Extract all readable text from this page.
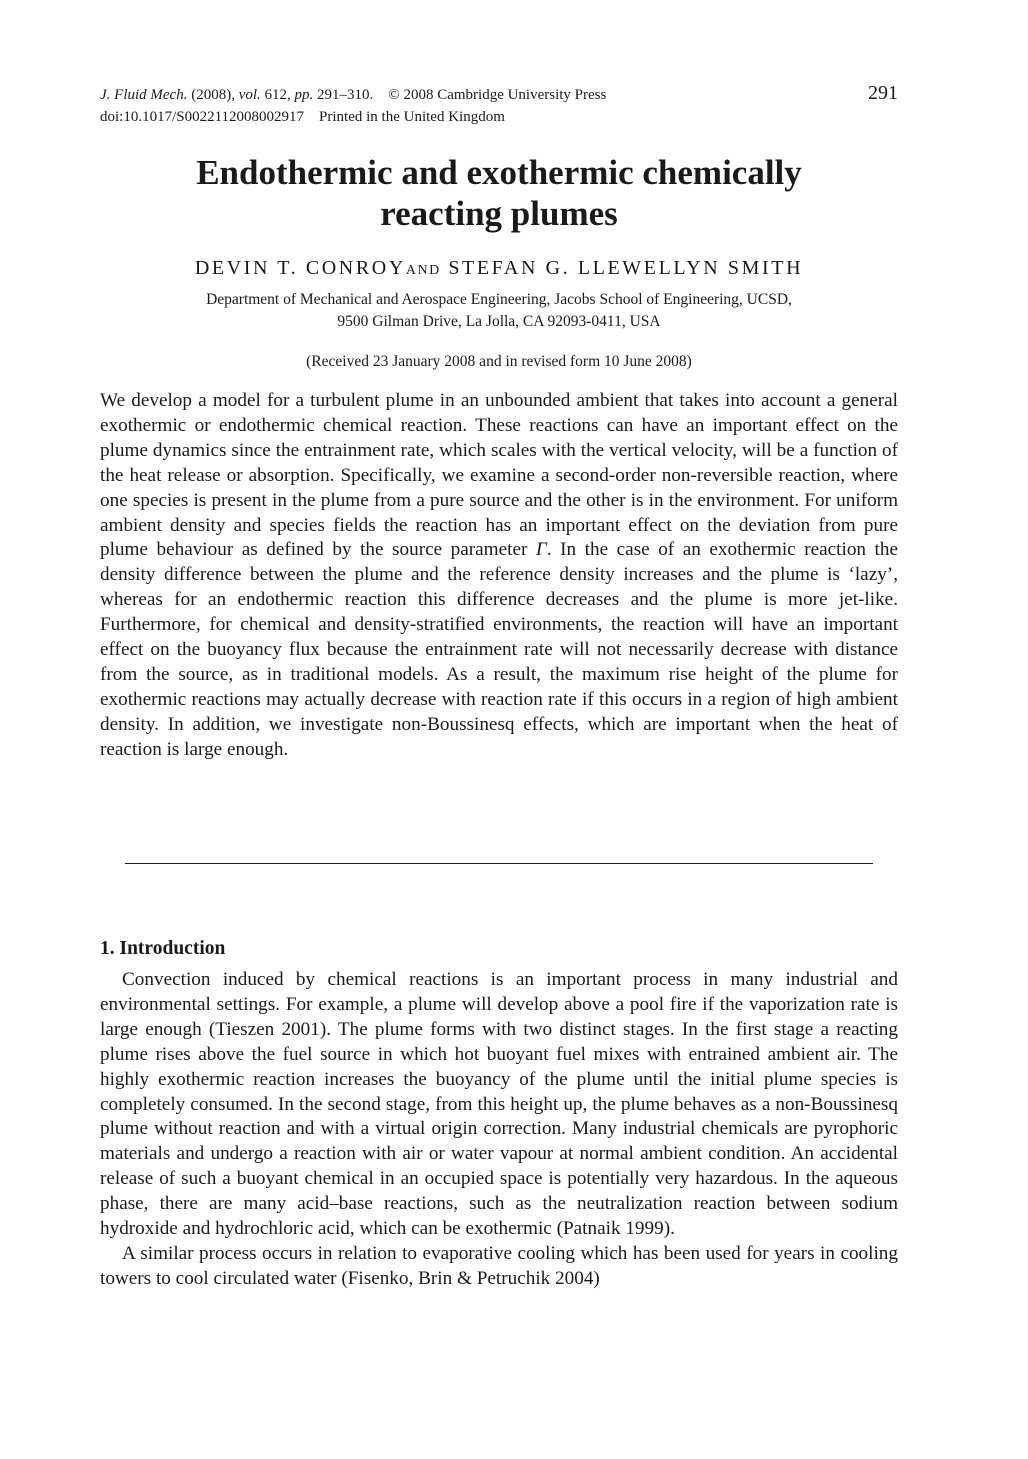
J. Fluid Mech. (2008), vol. 612, pp. 291–310. © 2008 Cambridge University Press
doi:10.1017/S0022112008002917 Printed in the United Kingdom
291
Endothermic and exothermic chemically
reacting plumes
DEVIN T. CONROYAND STEFAN G. LLEWELLYN SMITH
Department of Mechanical and Aerospace Engineering, Jacobs School of Engineering, UCSD,
9500 Gilman Drive, La Jolla, CA 92093-0411, USA
(Received 23 January 2008 and in revised form 10 June 2008)
We develop a model for a turbulent plume in an unbounded ambient that takes into account a general exothermic or endothermic chemical reaction. These reactions can have an important effect on the plume dynamics since the entrainment rate, which scales with the vertical velocity, will be a function of the heat release or absorption. Specifically, we examine a second-order non-reversible reaction, where one species is present in the plume from a pure source and the other is in the environment. For uniform ambient density and species fields the reaction has an important effect on the deviation from pure plume behaviour as defined by the source parameter Γ. In the case of an exothermic reaction the density difference between the plume and the reference density increases and the plume is ‘lazy’, whereas for an endothermic reaction this difference decreases and the plume is more jet-like. Furthermore, for chemical and density-stratified environments, the reaction will have an important effect on the buoyancy flux because the entrainment rate will not necessarily decrease with distance from the source, as in traditional models. As a result, the maximum rise height of the plume for exothermic reactions may actually decrease with reaction rate if this occurs in a region of high ambient density. In addition, we investigate non-Boussinesq effects, which are important when the heat of reaction is large enough.
1. Introduction

Convection induced by chemical reactions is an important process in many industrial and environmental settings. For example, a plume will develop above a pool fire if the vaporization rate is large enough (Tieszen 2001). The plume forms with two distinct stages. In the first stage a reacting plume rises above the fuel source in which hot buoyant fuel mixes with entrained ambient air. The highly exothermic reaction increases the buoyancy of the plume until the initial plume species is completely consumed. In the second stage, from this height up, the plume behaves as a non-Boussinesq plume without reaction and with a virtual origin correction. Many industrial chemicals are pyrophoric materials and undergo a reaction with air or water vapour at normal ambient condition. An accidental release of such a buoyant chemical in an occupied space is potentially very hazardous. In the aqueous phase, there are many acid–base reactions, such as the neutralization reaction between sodium hydroxide and hydrochloric acid, which can be exothermic (Patnaik 1999).

A similar process occurs in relation to evaporative cooling which has been used for years in cooling towers to cool circulated water (Fisenko, Brin & Petruchik 2004)
